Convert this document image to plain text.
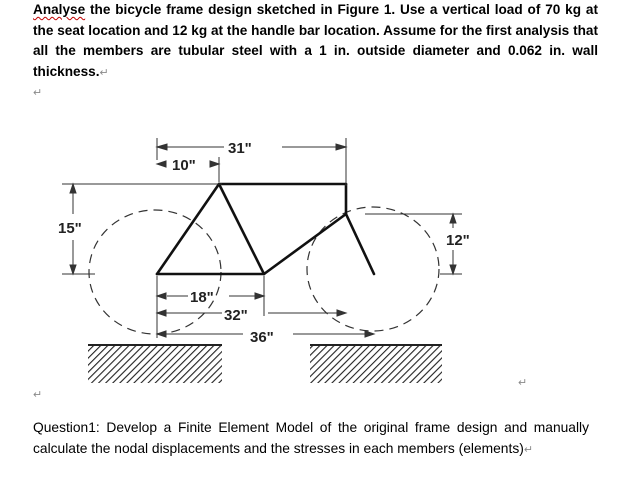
Analyse the bicycle frame design sketched in Figure 1. Use a vertical load of 70 kg at the seat location and 12 kg at the handle bar location. Assume for the first analysis that all the members are tubular steel with a 1 in. outside diameter and 0.062 in. wall thickness.↵

↵
31"
10"
15"
12"
18"
32"
36"
↵
↵

Question1: Develop a Finite Element Model of the original frame design and manually calculate the nodal displacements and the stresses in each members (elements)↵
